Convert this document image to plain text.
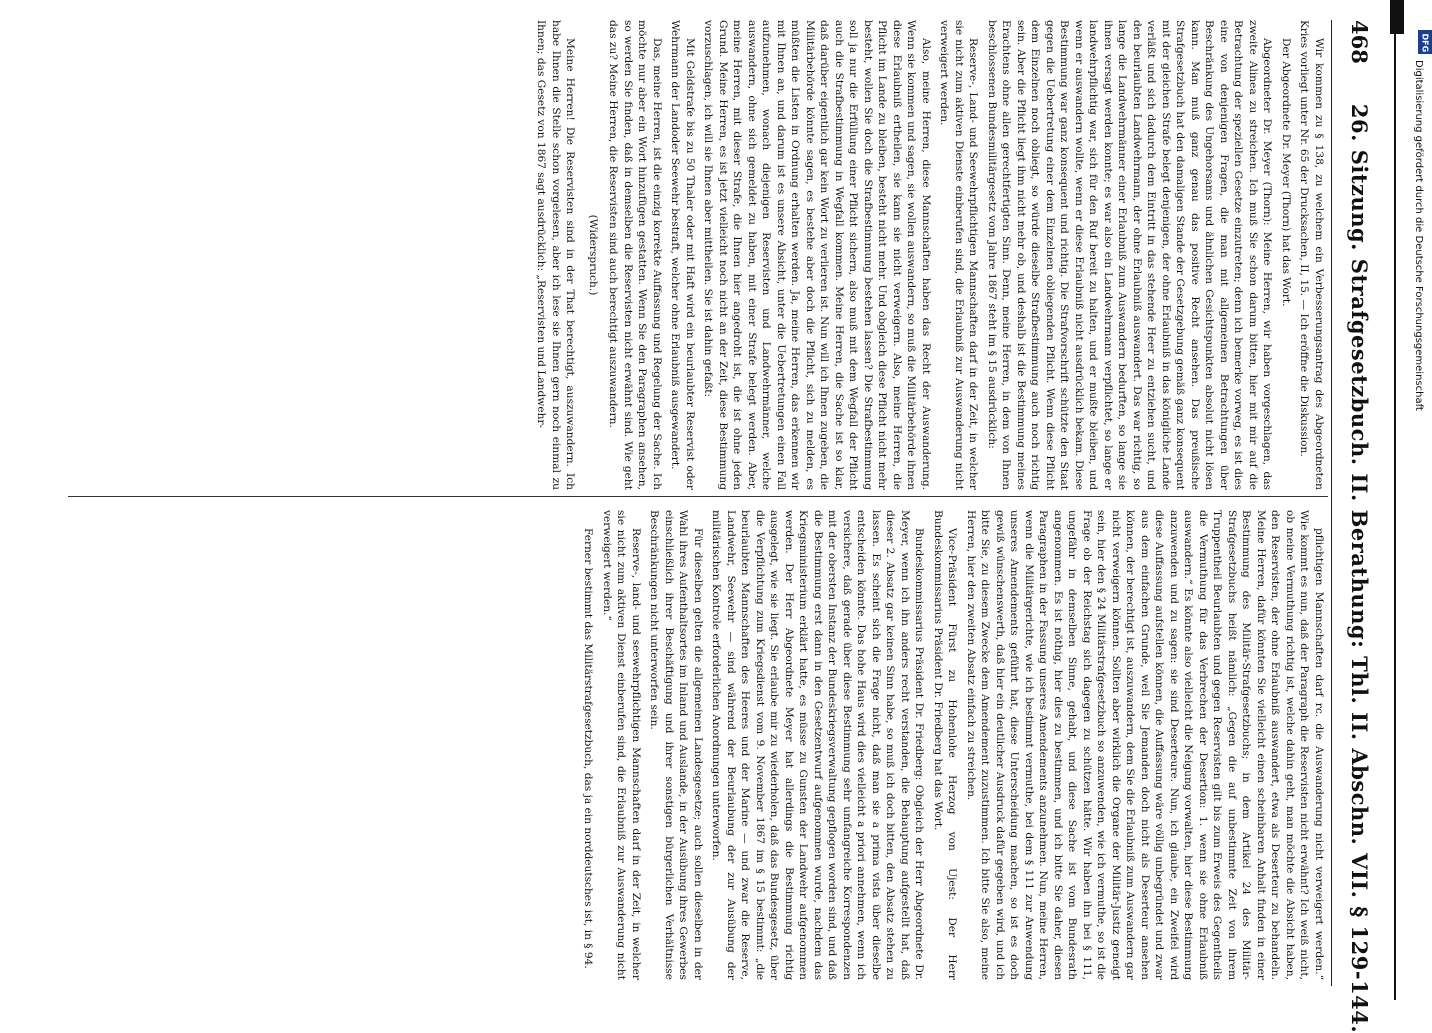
468
26. Sitzung. Strafgesetzbuch. II. Berathung: Thl. II. Abschn. VII. § 129-144.

Wir kommen zu § 138, zu welchem ein Verbesserungsantrag des Abgeordneten Kries vorliegt unter Nr. 65 der Drucksachen, II, 15. — Ich eröffne die Diskussion.

Der Abgeordnete Dr. Meyer (Thorn) hat das Wort.

Abgeordneter Dr. Meyer (Thorn): Meine Herren, wir haben vorgeschlagen, das zweite Alinea zu streichen. Ich muß Sie schon darum bitten, hier mit mir auf die Betrachtung der speziellen Gesetze einzutreten; denn ich bemerke vorweg, es ist dies eine von denjenigen Fragen, die man mit allgemeinen Betrachtungen über Beschränkung des Ungehorsams und ähnlichen Gesichtspunkten absolut nicht lösen kann. Man muß ganz genau das positive Recht ansehen. Das preußische Strafgesetzbuch hat den damaligen Stande der Gesetzgebung gemäß ganz konsequent mit der gleichen Strafe belegt denjenigen, der ohne Erlaubniß in das königliche Lande verläßt und sich dadurch dem Eintritt in das stehende Heer zu entziehen sucht, und den beurlaubten Landwehrmann, der ohne Erlaubniß auswandert. Das war richtig, so lange die Landwehrmänner einer Erlaubniß zum Auswandern bedurften, so lange sie ihnen versagt werden konnte; es war also ein Landwehrmann verpflichtet, so lange er landwehrpflichtig war, sich für den Ruf bereit zu halten, und er mußte bleiben, und wenn er auswandern wollte, wenn er diese Erlaubniß nicht ausdrücklich bekam. Diese Bestimmung war ganz konsequent und richtig. Die Strafvorschrift schützte den Staat gegen die Uebertretung einer dem Einzelnen obliegenden Pflicht. Wenn diese Pflicht dem Einzelnen noch obliegt, so würde dieselbe Strafbestimmung auch noch richtig sein. Aber die Pflicht liegt ihm nicht mehr ob, und deshalb ist die Bestimmung meines Erachtens ohne allen gerechtfertigten Sinn. Denn, meine Herren, in dem von Ihnen beschlossenen Bundesmilitärgesetz vom Jahre 1867 steht im § 15 ausdrücklich:

Reserve-, Land- und Seewehrpflichtigen Mannschaften darf in der Zeit, in welcher sie nicht zum aktiven Dienste einberufen sind, die Erlaubniß zur Auswanderung nicht verweigert werden.

Also, meine Herren, diese Mannschaften haben das Recht der Auswanderung. Wenn sie kommen und sagen, sie wollen auswandern, so muß die Militärbehörde ihnen diese Erlaubniß ertheilen, sie kann sie nicht verweigern. Also, meine Herren, die Pflicht im Lande zu bleiben, besteht nicht mehr. Und obgleich diese Pflicht nicht mehr besteht, wollen Sie doch die Strafbestimmung bestehen lassen? Die Strafbestimmung soll ja nur die Erfüllung einer Pflicht sichern, also muß mit dem Wegfall der Pflicht auch die Strafbestimmung in Wegfall kommen. Meine Herren, die Sache ist so klar, daß darüber eigentlich gar kein Wort zu verlieren ist. Nun will ich Ihnen zugeben, die Militärbehörde könnte sagen, es bestehe aber doch die Pflicht, sich zu melden, es müßten die Listen in Ordnung erhalten werden. Ja, meine Herren, das erkennen wir mit Ihnen an, und darum ist es unsere Absicht, unter die Uebertretungen einen Fall aufzunehmen, wonach diejenigen Reservisten und Landwehrmänner, welche auswandern, ohne sich gemeldet zu haben, mit einer Strafe belegt werden. Aber, meine Herren, mit dieser Strafe, die Ihnen hier angedroht ist, die ist ohne jeden Grund. Meine Herren, es ist jetzt vielleicht noch nicht an der Zeit, diese Bestimmung vorzuschlagen, ich will sie Ihnen aber mittheilen. Sie ist dahin gefaßt:

Mit Geldstrafe bis zu 50 Thaler oder mit Haft wird ein beurlaubter Reservist oder Wehrmann der Landoder Seewehr bestraft, welcher ohne Erlaubniß ausgewandert.

Das, meine Herren, ist die einzig korrekte Auffassung und Regelung der Sache. Ich möchte nur aber ein Wort hinzufügen gestatten. Wenn Sie den Paragraphen ansehen, so werden Sie finden, daß in demselben die Reservisten nicht erwähnt sind. Wie geht das zu? Meine Herren, die Reservisten sind auch berechtigt auszuwandern.

(Widerspruch.)

Meine Herren! Die Reservisten sind in der That berechtigt, auszuwandern. Ich habe Ihnen die Stelle schon vorgelesen, aber ich lese sie Ihnen gern noch einmal zu Ihnen; das Gesetz von 1867 sagt ausdrücklich: „Reservisten und Landwehr-

pflichtigen Mannschaften darf rc. die Auswanderung nicht verweigert werden.“ Wie kommt es nun, daß der Paragraph die Reservisten nicht erwähnt? Ich weiß nicht, ob meine Vermuthung richtig ist, welche dahin geht, man möchte die Absicht haben, den Reservisten, der ohne Erlaubniß auswandert, etwa als Deserteur zu behandeln. Meine Herren, dafür könnten Sie vielleicht einen scheinbaren Anhalt finden in einer Bestimmung des Militär-Strafgesetzbuchs; in dem Artikel 24 des Militär-Strafgesetzbuchs heißt nämlich: „Gegen die auf unbestimmte Zeit von ihrem Truppentheil Beurlaubten und gegen Reservisten gilt bis zum Erweis des Gegentheils die Vermuthung für das Verbrechen der Desertion: 1. wenn sie ohne Erlaubniß auswandern.“ Es könnte also vielleicht die Neigung vorwalten, hier diese Bestimmung anzuwenden und zu sagen: sie sind Deserteure. Nun, ich glaube, ein Zweifel wird diese Auffassung aufstellen können, die Auffassung wäre völlig unbegründet und zwar aus dem einfachen Grunde, weil Sie Jemanden doch nicht als Deserteur ansehen können, der berechtigt ist, auszuwandern, dem Sie die Erlaubniß zum Auswandern gar nicht verweigern können. Sollten aber wirklich die Organe der Militär-Justiz geneigt sein, hier den § 24 Militärstrafgesetzbuch so anzuwenden, wie ich vermuthe, so ist die Frage ob der Reichstag sich dagegen zu schützen hätte. Wir haben ihn bei § 111, ungefähr in demselben Sinne, gehabt, und diese Sache ist vom Bundesrath angenommen. Es ist nöthig, hier dies zu bestimmen, und ich bitte Sie daher, diesen Paragraphen in der Fassung unseres Amendements anzunehmen. Nun, meine Herren, wenn die Militärgerichte, wie ich bestimmt vermuthe, bei dem § 111 zur Anwendung unseres Amendements geführt hat, diese Unterscheidung machen, so ist es doch gewiß wünschenswerth, daß hier ein deutlicher Ausdruck dafür gegeben wird, und ich bitte Sie, zu diesem Zwecke dem Amendement zuzustimmen. Ich bitte Sie also, meine Herren, hier den zweiten Absatz einfach zu streichen.

Vice-Präsident Fürst zu Hohenlohe Herzog von Ujest: Der Herr Bundeskommissarius Präsident Dr. Friedberg hat das Wort.

Bundeskommissarius Präsident Dr. Friedberg: Obgleich der Herr Abgeordnete Dr. Meyer, wenn ich ihn anders recht verstanden, die Behauptung aufgestellt hat, daß dieser 2. Absatz gar keinen Sinn habe, so muß ich doch bitten, den Absatz stehen zu lassen. Es scheint sich die Frage nicht, daß man sie a prima vista über dieselbe entscheiden könnte. Das hohe Haus wird dies vielleicht a priori annehmen, wenn ich versichere, daß gerade über diese Bestimmung sehr umfangreiche Korrespondenzen mit der obersten Instanz der Bundeskriegsverwaltung gepflogen worden sind, und daß die Bestimmung erst dann in den Gesetzentwurf aufgenommen wurde, nachdem das Kriegsministerium erklärt hatte, es müsse zu Gunsten der Landwehr aufgenommen werden. Der Herr Abgeordnete Meyer hat allerdings die Bestimmung richtig ausgelegt, wie sie liegt. Sie erlaube mir zu wiederholen, daß das Bundesgesetz, über die Verpflichtung zum Kriegsdienst vom 9. November 1867 im § 15 bestimmt: „die beurlaubten Mannschaften des Heeres und der Marine — und zwar die Reserve, Landwehr, Seewehr — sind während der Beurlaubung der zur Ausübung der militärischen Kontrole erforderlichen Anordnungen unterworfen.

Für dieselben gelten die allgemeinen Landesgesetze; auch sollen dieselben in der Wahl ihres Aufenthaltsortes im Inland und Auslande, in der Ausübung ihres Gewerbes einschließlich ihrer Beschäftigung und ihrer sonstigen bürgerlichen Verhältnisse Beschränkungen nicht unterworfen sein.

Reserve-, land- und seewehrpflichtigen Mannschaften darf in der Zeit, in welcher sie nicht zum aktiven Dienst einberufen sind, die Erlaubniß zur Auswanderung nicht verweigert werden.“

Ferner bestimmt das Militärstrafgesetzbuch, das ja ein norddeutsches ist, in § 94.

DFG
Digitalisierung gefördert durch die Deutsche Forschungsgemeinschaft
